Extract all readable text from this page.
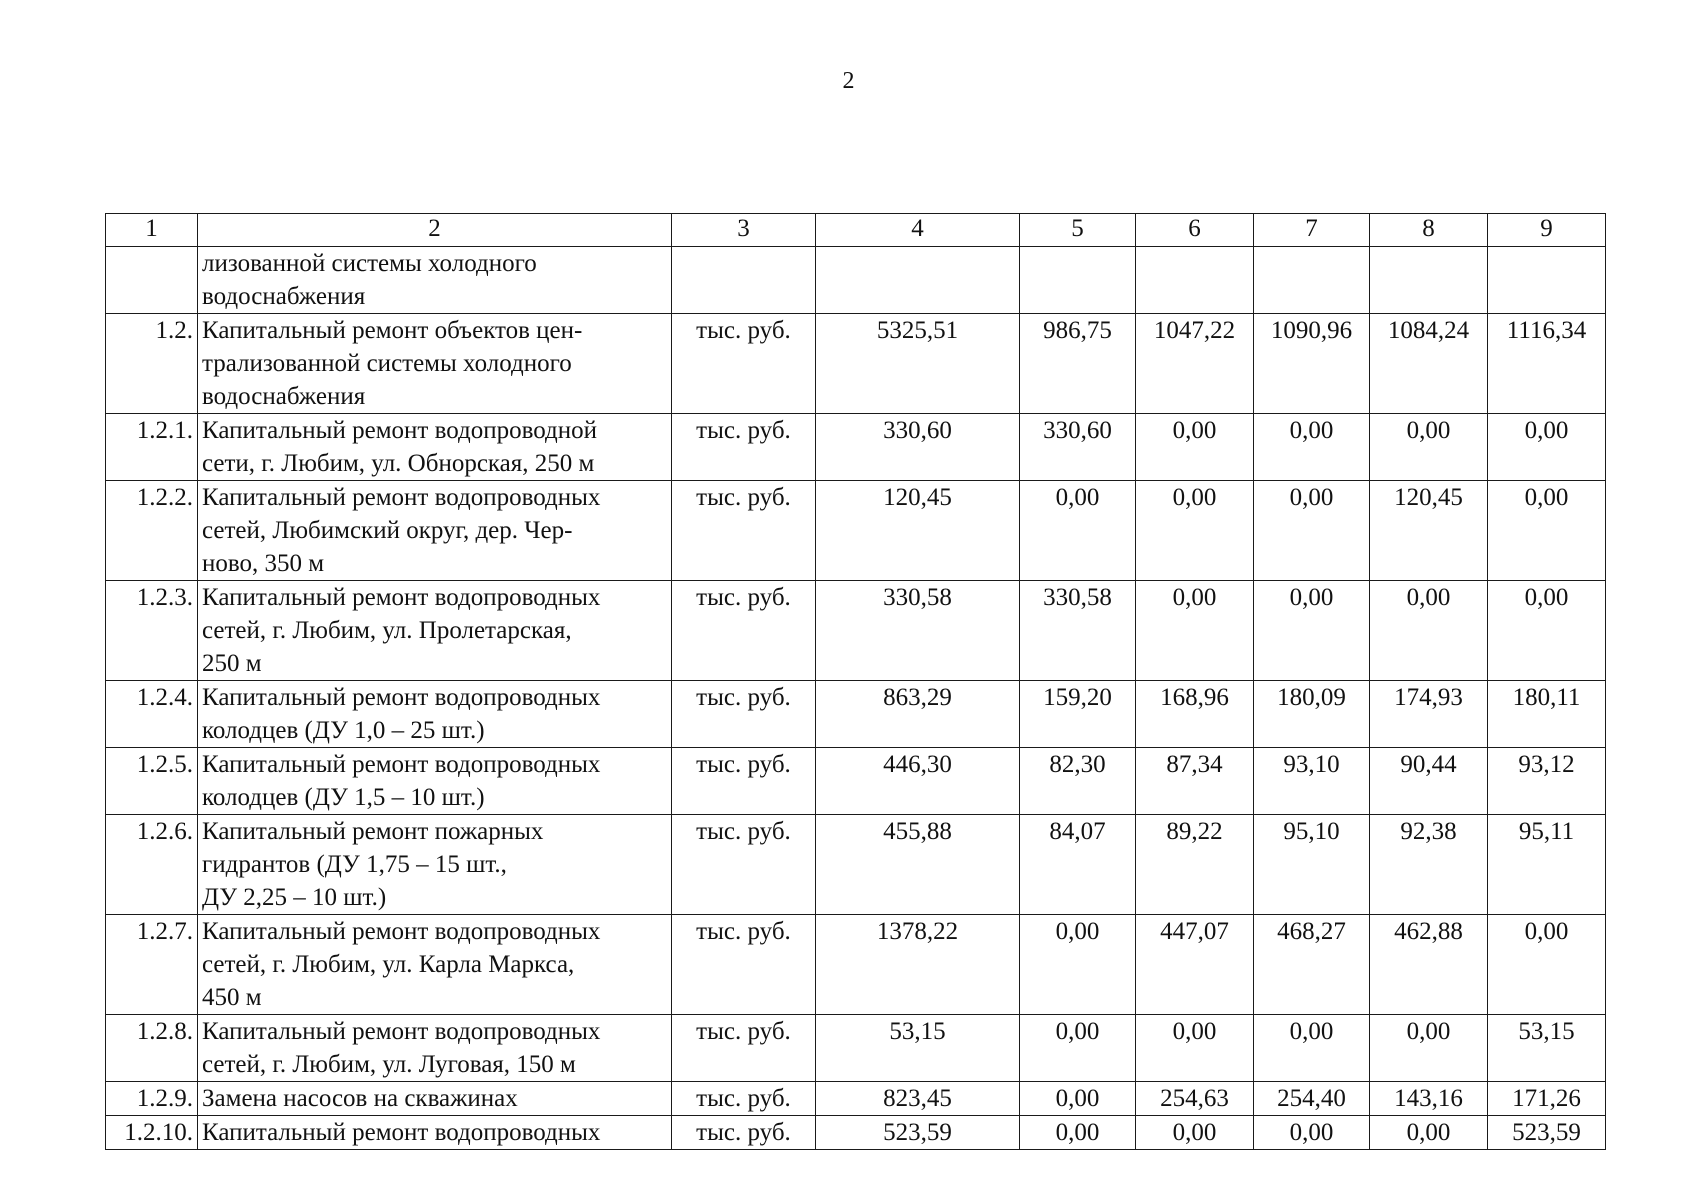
2
1	2	3	4	5	6	7	8	9

	лизованной системы холодного
водоснабжения							

1.2.	Капитальный ремонт объектов цен-
трализованной системы холодного
водоснабжения	тыс. руб.	5325,51	986,75	1047,22	1090,96	1084,24	1116,34
1.2.1.	Капитальный ремонт водопроводной
сети, г. Любим, ул. Обнорская, 250 м	тыс. руб.	330,60	330,60	0,00	0,00	0,00	0,00
1.2.2.	Капитальный ремонт водопроводных
сетей, Любимский округ, дер. Чер-
ново, 350 м	тыс. руб.	120,45	0,00	0,00	0,00	120,45	0,00
1.2.3.	Капитальный ремонт водопроводных
сетей, г. Любим, ул. Пролетарская,
250 м	тыс. руб.	330,58	330,58	0,00	0,00	0,00	0,00
1.2.4.	Капитальный ремонт водопроводных
колодцев (ДУ 1,0 – 25 шт.)	тыс. руб.	863,29	159,20	168,96	180,09	174,93	180,11
1.2.5.	Капитальный ремонт водопроводных
колодцев (ДУ 1,5 – 10 шт.)	тыс. руб.	446,30	82,30	87,34	93,10	90,44	93,12
1.2.6.	Капитальный ремонт пожарных
гидрантов (ДУ 1,75 – 15 шт.,
ДУ 2,25 – 10 шт.)	тыс. руб.	455,88	84,07	89,22	95,10	92,38	95,11
1.2.7.	Капитальный ремонт водопроводных
сетей, г. Любим, ул. Карла Маркса,
450 м	тыс. руб.	1378,22	0,00	447,07	468,27	462,88	0,00
1.2.8.	Капитальный ремонт водопроводных
сетей, г. Любим, ул. Луговая, 150 м	тыс. руб.	53,15	0,00	0,00	0,00	0,00	53,15
1.2.9.	Замена насосов на скважинах	тыс. руб.	823,45	0,00	254,63	254,40	143,16	171,26
1.2.10.	Капитальный ремонт водопроводных	тыс. руб.	523,59	0,00	0,00	0,00	0,00	523,59
